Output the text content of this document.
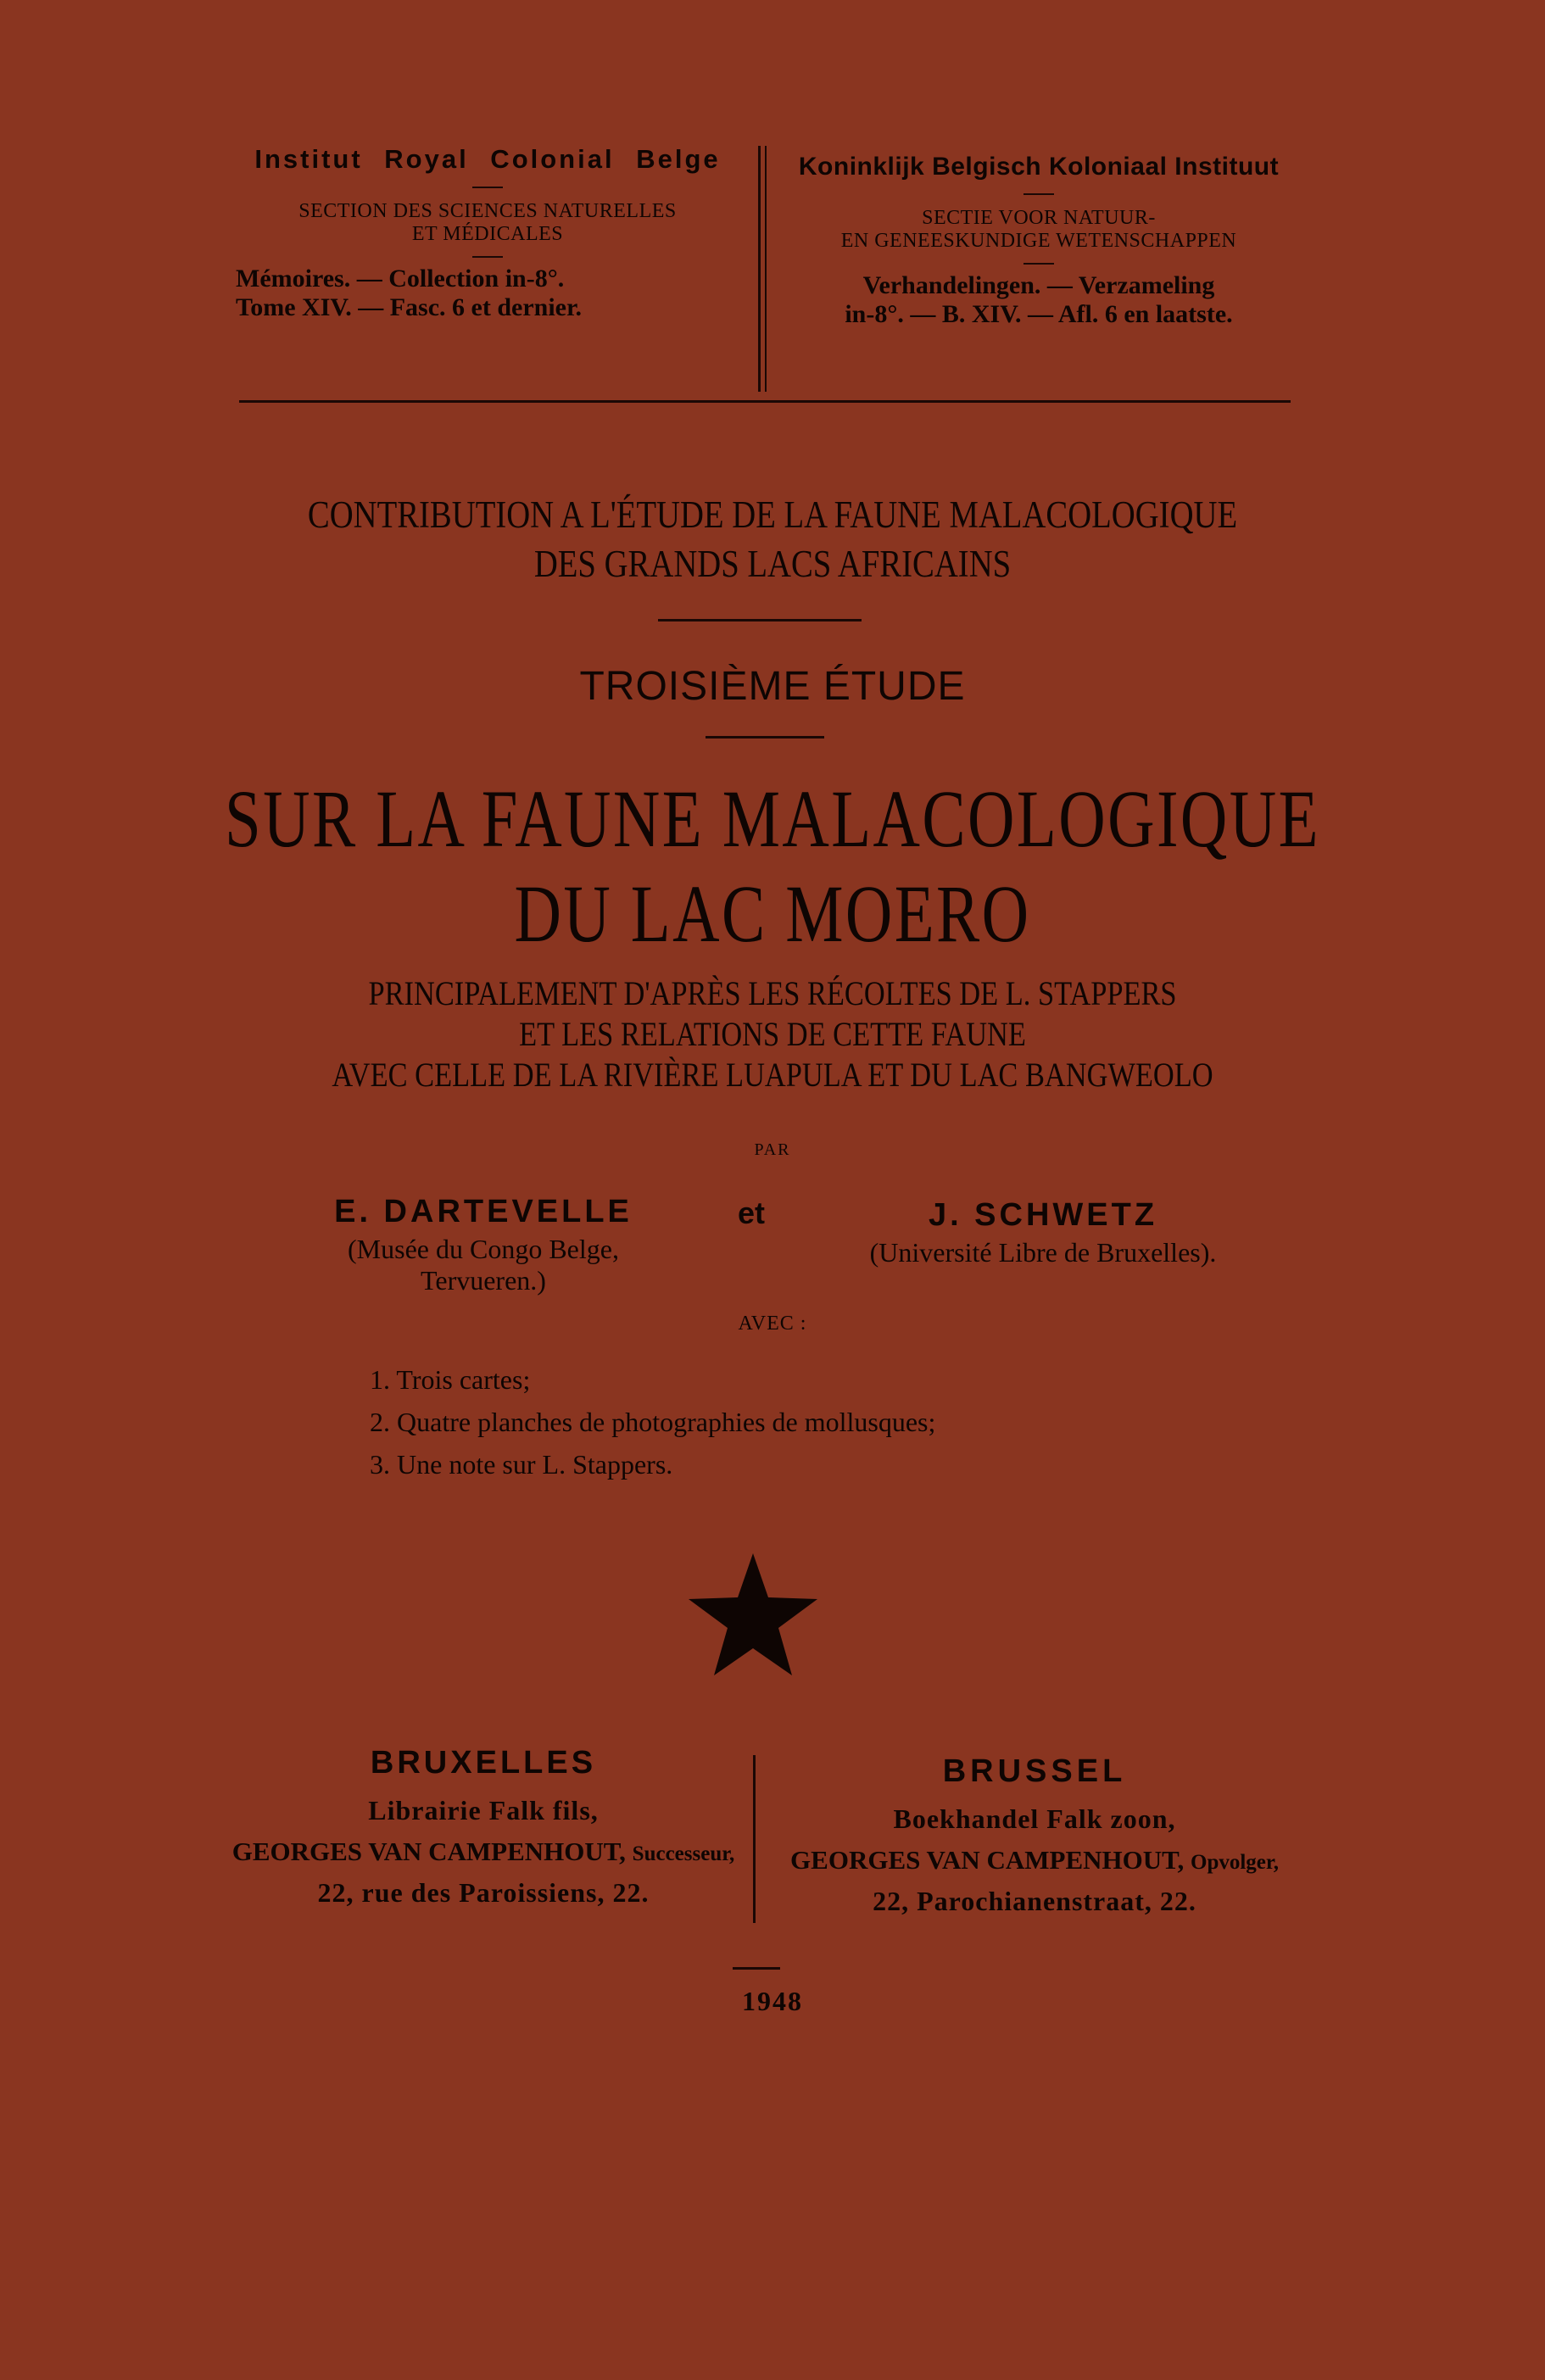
Institut Royal Colonial Belge
SECTION DES SCIENCES NATURELLES
ET MÉDICALES
Mémoires. — Collection in-8°.
Tome XIV. — Fasc. 6 et dernier.
Koninklijk Belgisch Koloniaal Instituut
SECTIE VOOR NATUUR-
EN GENEESKUNDIGE WETENSCHAPPEN
Verhandelingen. — Verzameling
in-8°. — B. XIV. — Afl. 6 en laatste.
CONTRIBUTION A L'ÉTUDE DE LA FAUNE MALACOLOGIQUE
DES GRANDS LACS AFRICAINS
TROISIÈME ÉTUDE
SUR LA FAUNE MALACOLOGIQUE
DU LAC MOERO
PRINCIPALEMENT D'APRÈS LES RÉCOLTES DE L. STAPPERS
ET LES RELATIONS DE CETTE FAUNE
AVEC CELLE DE LA RIVIÈRE LUAPULA ET DU LAC BANGWEOLO
PAR
E. DARTEVELLE
(Musée du Congo Belge,
Tervueren.)
et	J. SCHWETZ
(Université Libre de Bruxelles).
AVEC :
1. Trois cartes;
2. Quatre planches de photographies de mollusques;
3. Une note sur L. Stappers.
BRUXELLES
Librairie Falk fils,
GEORGES VAN CAMPENHOUT, Successeur,
22, rue des Paroissiens, 22.
BRUSSEL
Boekhandel Falk zoon,
GEORGES VAN CAMPENHOUT, Opvolger,
22, Parochianenstraat, 22.
1948
